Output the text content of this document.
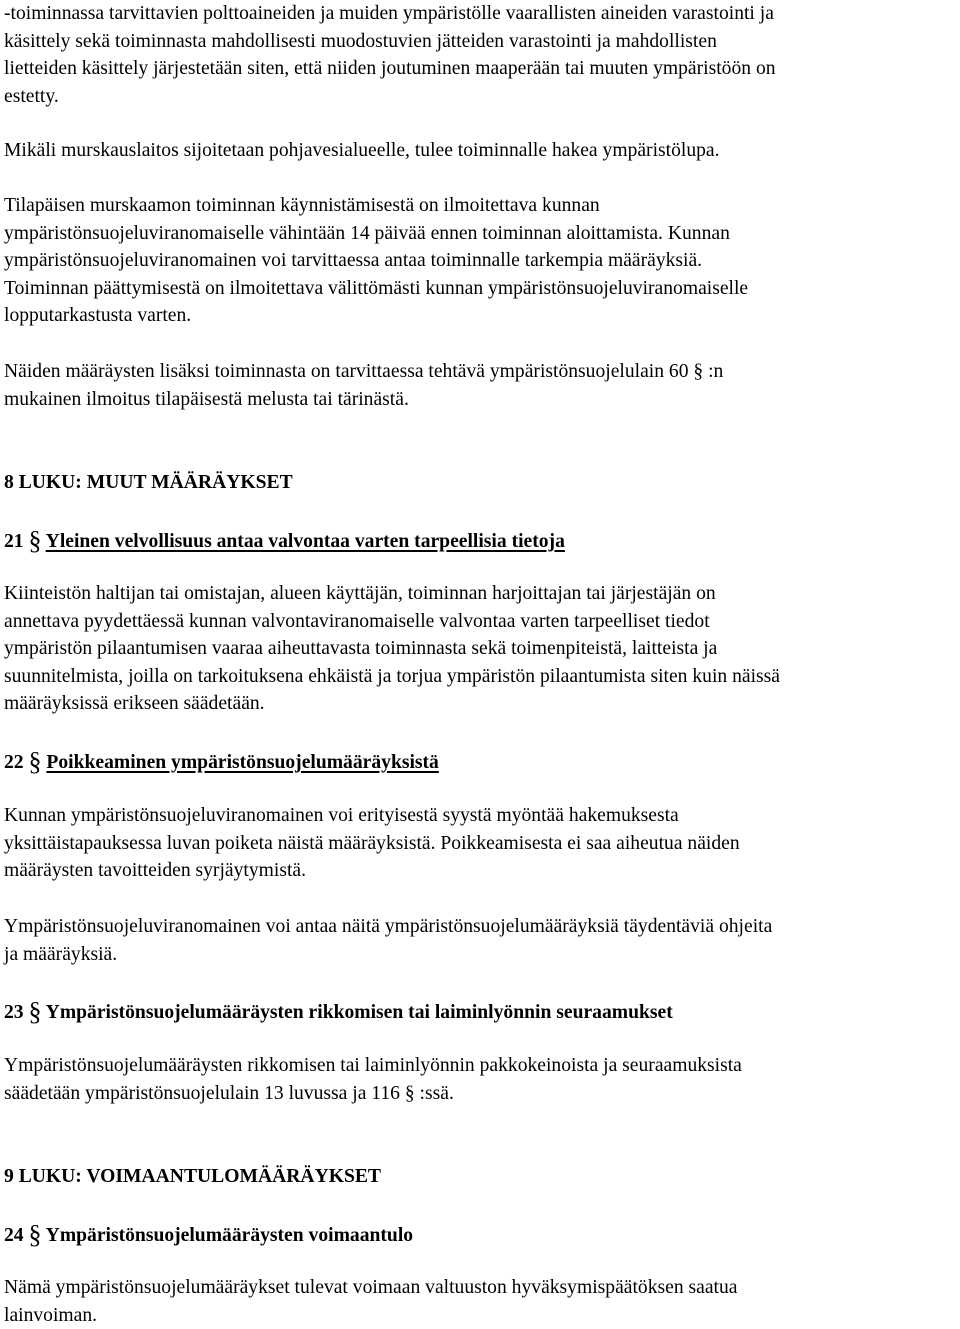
-toiminnassa tarvittavien polttoaineiden ja muiden ympäristölle vaarallisten aineiden varastointi ja
käsittely sekä toiminnasta mahdollisesti muodostuvien jätteiden varastointi ja mahdollisten
lietteiden käsittely järjestetään siten, että niiden joutuminen maaperään tai muuten ympäristöön on
estetty.

Mikäli murskauslaitos sijoitetaan pohjavesialueelle, tulee toiminnalle hakea ympäristölupa.

Tilapäisen murskaamon toiminnan käynnistämisestä on ilmoitettava kunnan
ympäristönsuojeluviranomaiselle vähintään 14 päivää ennen toiminnan aloittamista. Kunnan
ympäristönsuojeluviranomainen voi tarvittaessa antaa toiminnalle tarkempia määräyksiä.
Toiminnan päättymisestä on ilmoitettava välittömästi kunnan ympäristönsuojeluviranomaiselle
lopputarkastusta varten.

Näiden määräysten lisäksi toiminnasta on tarvittaessa tehtävä ympäristönsuojelulain 60 § :n
mukainen ilmoitus tilapäisestä melusta tai tärinästä.

8 LUKU: MUUT MÄÄRÄYKSET
21 § Yleinen velvollisuus antaa valvontaa varten tarpeellisia tietoja

Kiinteistön haltijan tai omistajan, alueen käyttäjän, toiminnan harjoittajan tai järjestäjän on
annettava pyydettäessä kunnan valvontaviranomaiselle valvontaa varten tarpeelliset tiedot
ympäristön pilaantumisen vaaraa aiheuttavasta toiminnasta sekä toimenpiteistä, laitteista ja
suunnitelmista, joilla on tarkoituksena ehkäistä ja torjua ympäristön pilaantumista siten kuin näissä
määräyksissä erikseen säädetään.

22 § Poikkeaminen ympäristönsuojelumääräyksistä

Kunnan ympäristönsuojeluviranomainen voi erityisestä syystä myöntää hakemuksesta
yksittäistapauksessa luvan poiketa näistä määräyksistä. Poikkeamisesta ei saa aiheutua näiden
määräysten tavoitteiden syrjäytymistä.

Ympäristönsuojeluviranomainen voi antaa näitä ympäristönsuojelumääräyksiä täydentäviä ohjeita
ja määräyksiä.

23 § Ympäristönsuojelumääräysten rikkomisen tai laiminlyönnin seuraamukset

Ympäristönsuojelumääräysten rikkomisen tai laiminlyönnin pakkokeinoista ja seuraamuksista
säädetään ympäristönsuojelulain 13 luvussa ja 116 § :ssä.

9 LUKU: VOIMAANTULOMÄÄRÄYKSET
24 § Ympäristönsuojelumääräysten voimaantulo

Nämä ympäristönsuojelumääräykset tulevat voimaan valtuuston hyväksymispäätöksen saatua
lainvoiman.
